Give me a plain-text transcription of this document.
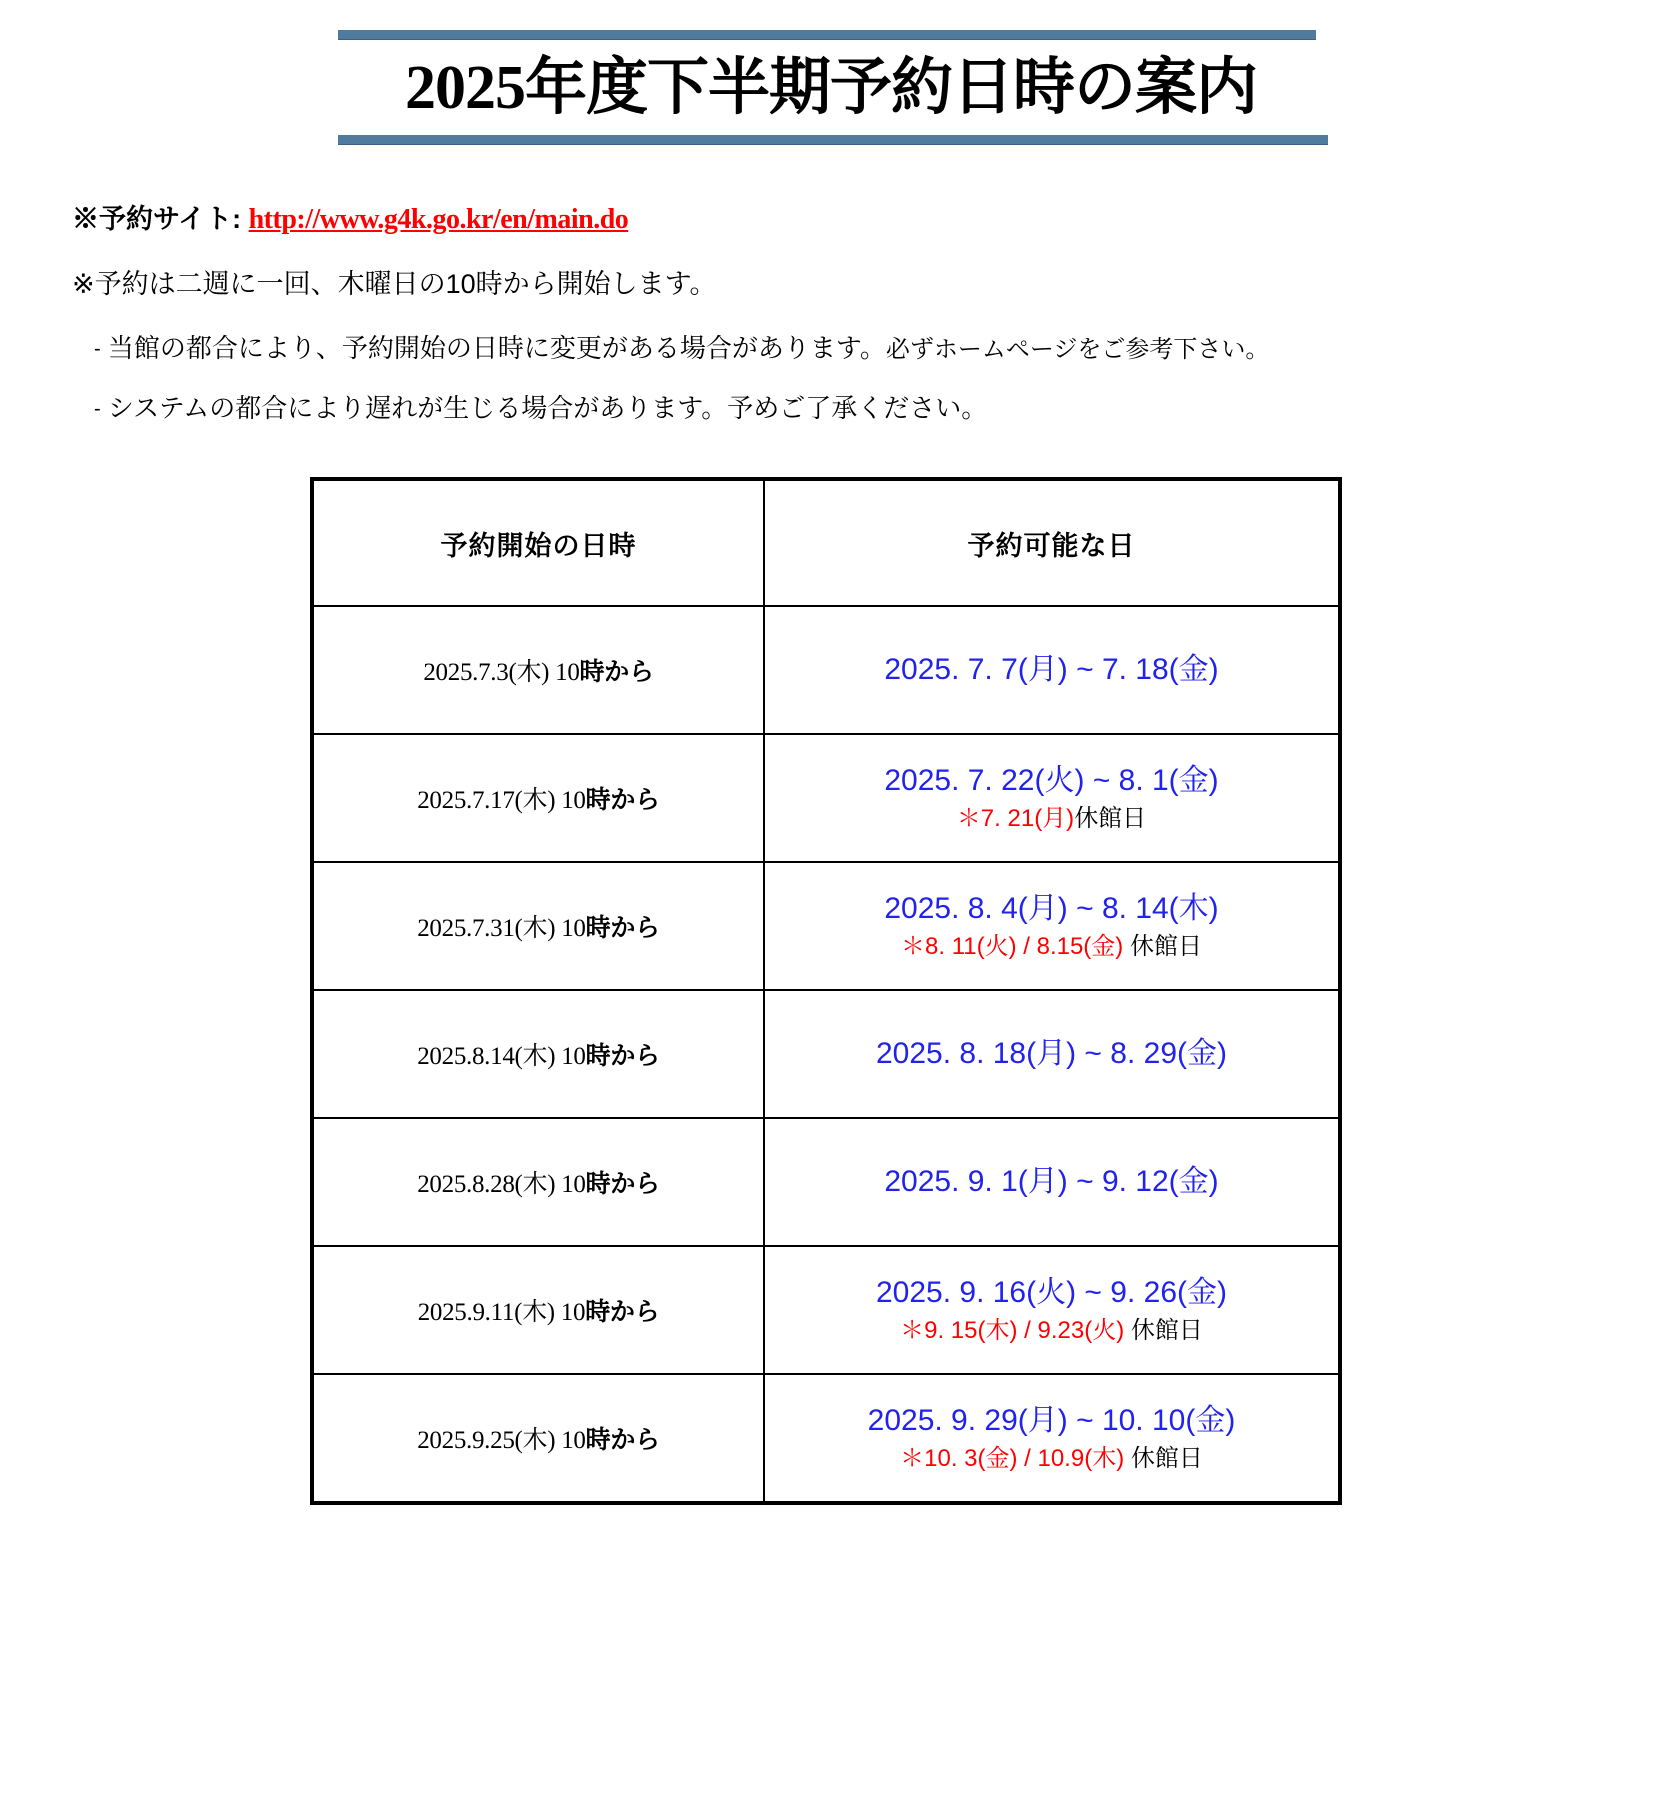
2025年度下半期予約日時の案内
※予約サイト: http://www.g4k.go.kr/en/main.do
※予約は二週に一回、木曜日の10時から開始します。
- 当館の都合により、予約開始の日時に変更がある場合があります。必ずホームページをご参考下さい。
- システムの都合により遅れが生じる場合があります。予めご了承ください。
予約開始の日時	予約可能な日
2025.7.3(木) 10時から	2025. 7. 7(月) ~ 7. 18(金)

2025.7.17(木) 10時から	2025. 7. 22(火) ~ 8. 1(金)
＊7. 21(月)休館日

2025.7.31(木) 10時から	2025. 8. 4(月) ~ 8. 14(木)
＊8. 11(火) / 8.15(金) 休館日

2025.8.14(木) 10時から	2025. 8. 18(月) ~ 8. 29(金)

2025.8.28(木) 10時から	2025. 9. 1(月) ~ 9. 12(金)

2025.9.11(木) 10時から	2025. 9. 16(火) ~ 9. 26(金)
＊9. 15(木) / 9.23(火) 休館日

2025.9.25(木) 10時から	2025. 9. 29(月) ~ 10. 10(金)
＊10. 3(金) / 10.9(木) 休館日
